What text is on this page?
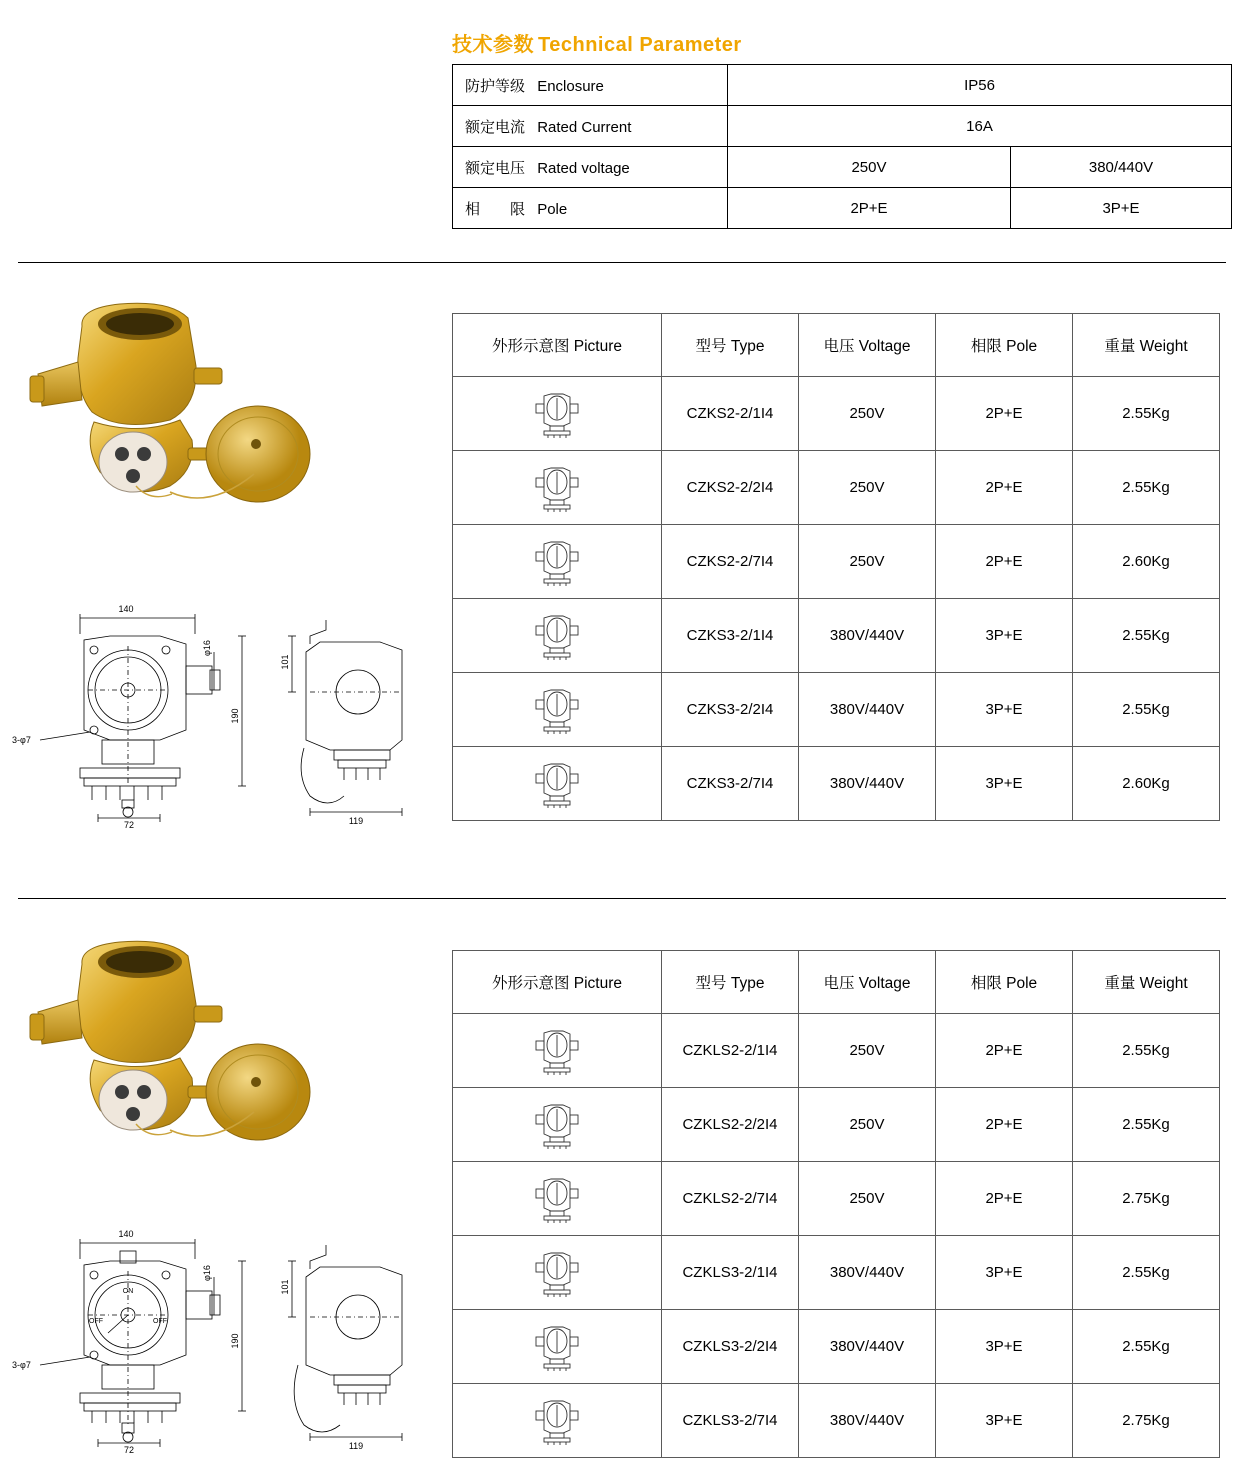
技术参数 Technical Parameter
防护等级 Enclosure	IP56	
额定电流 Rated Current	16A	
额定电压 Rated voltage	250V	380/440V
相　　限 Pole	2P+E	3P+E
140
190
72
φ16
3-φ7
101
119
外形示意图 Picture	型号 Type	电压 Voltage	相限 Pole	重量 Weight

	CZKS2-2/1I4	250V	2P+E	2.55Kg

	CZKS2-2/2I4	250V	2P+E	2.55Kg

	CZKS2-2/7I4	250V	2P+E	2.60Kg

	CZKS3-2/1I4	380V/440V	3P+E	2.55Kg

	CZKS3-2/2I4	380V/440V	3P+E	2.55Kg

	CZKS3-2/7I4	380V/440V	3P+E	2.60Kg
140
190
72
φ16
3-φ7
101
119
ON
OFF	OFF
外形示意图 Picture	型号 Type	电压 Voltage	相限 Pole	重量 Weight

	CZKLS2-2/1I4	250V	2P+E	2.55Kg

	CZKLS2-2/2I4	250V	2P+E	2.55Kg

	CZKLS2-2/7I4	250V	2P+E	2.75Kg

	CZKLS3-2/1I4	380V/440V	3P+E	2.55Kg

	CZKLS3-2/2I4	380V/440V	3P+E	2.55Kg

	CZKLS3-2/7I4	380V/440V	3P+E	2.75Kg
